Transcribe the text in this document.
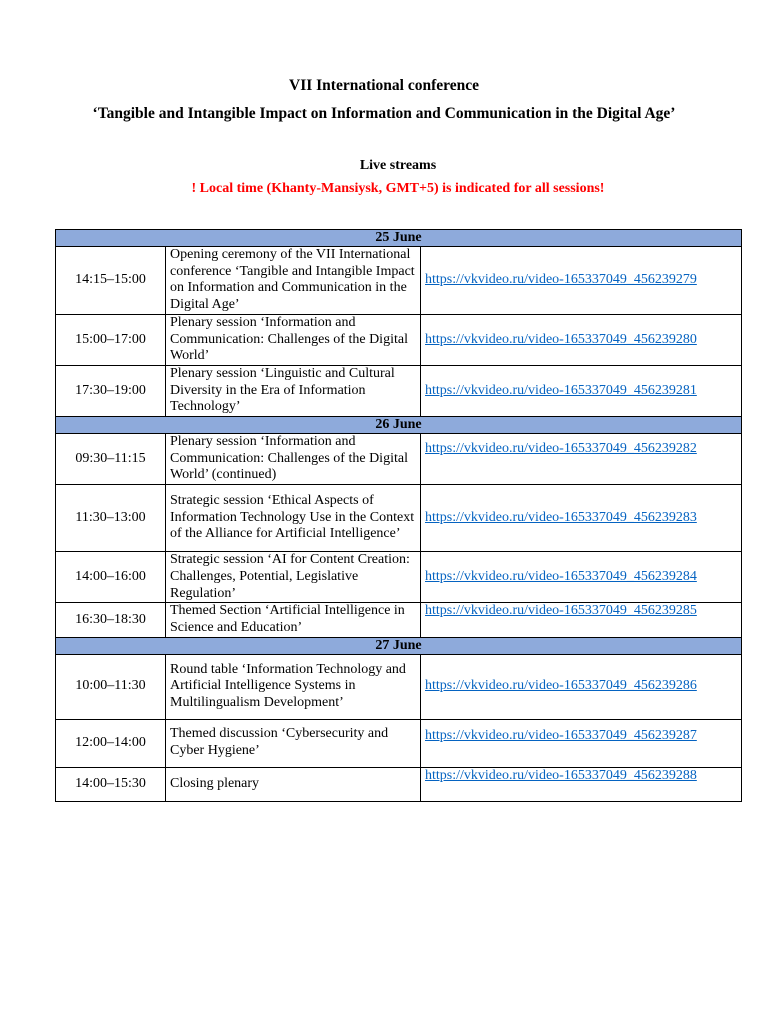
VII International conference
‘Tangible and Intangible Impact on Information and Communication in the Digital Age’
Live streams
! Local time (Khanty-Mansiysk, GMT+5) is indicated for all sessions!
25 June		
14:15–15:00	Opening ceremony of the VII International conference ‘Tangible and Intangible Impact on Information and Communication in the Digital Age’	https://vkvideo.ru/video-165337049_456239279
15:00–17:00	Plenary session ‘Information and Communication: Challenges of the Digital World’	https://vkvideo.ru/video-165337049_456239280
17:30–19:00	Plenary session ‘Linguistic and Cultural Diversity in the Era of Information Technology’	https://vkvideo.ru/video-165337049_456239281
26 June		
09:30–11:15	Plenary session ‘Information and Communication: Challenges of the Digital World’ (continued)	https://vkvideo.ru/video-165337049_456239282
11:30–13:00	Strategic session ‘Ethical Aspects of Information Technology Use in the Context of the Alliance for Artificial Intelligence’	https://vkvideo.ru/video-165337049_456239283
14:00–16:00	Strategic session ‘AI for Content Creation: Challenges, Potential, Legislative Regulation’	https://vkvideo.ru/video-165337049_456239284
16:30–18:30	Themed Section ‘Artificial Intelligence in Science and Education’	https://vkvideo.ru/video-165337049_456239285
27 June		
10:00–11:30	Round table ‘Information Technology and Artificial Intelligence Systems in Multilingualism Development’	https://vkvideo.ru/video-165337049_456239286
12:00–14:00	Themed discussion ‘Cybersecurity and Cyber Hygiene’	https://vkvideo.ru/video-165337049_456239287
14:00–15:30	Closing plenary	https://vkvideo.ru/video-165337049_456239288
